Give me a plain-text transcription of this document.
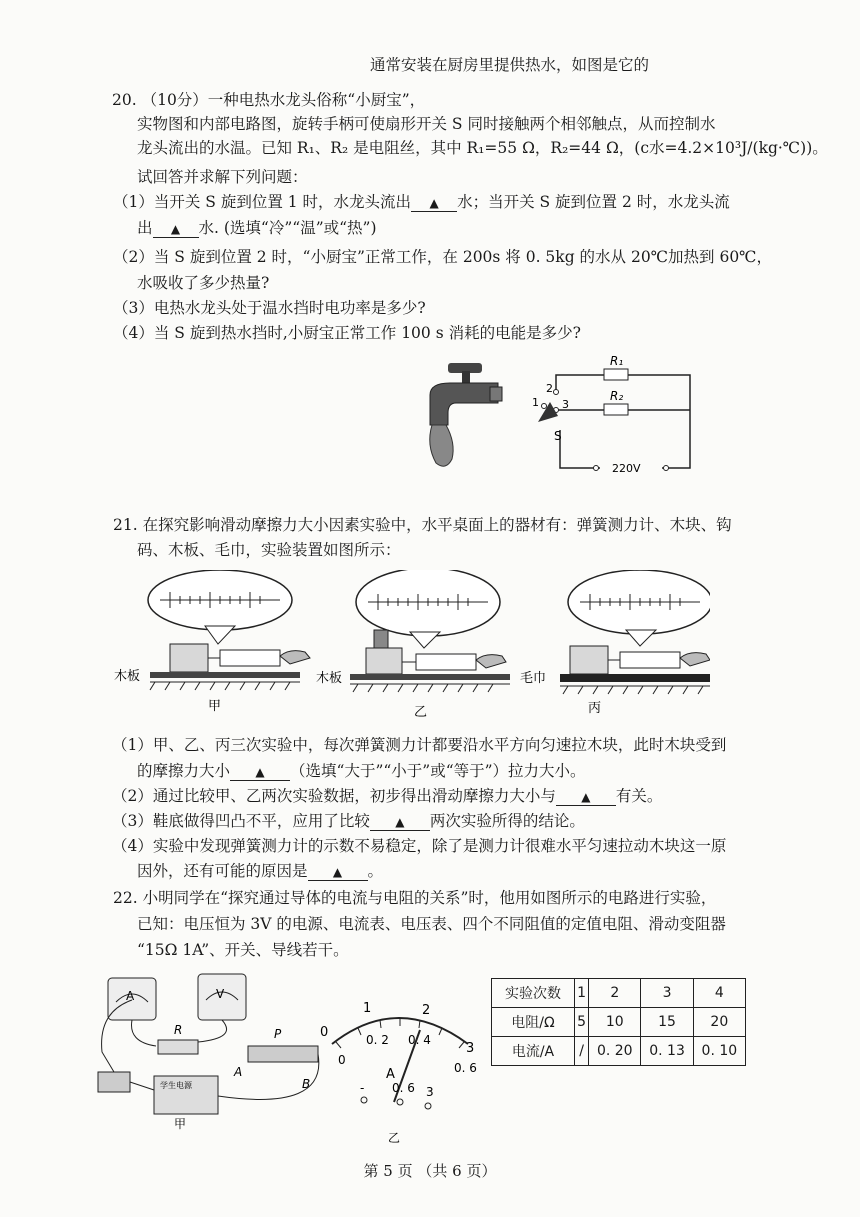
通常安装在厨房里提供热水，如图是它的
20. （10分）一种电热水龙头俗称“小厨宝”，
实物图和内部电路图，旋转手柄可使扇形开关 S 同时接触两个相邻触点，从而控制水
龙头流出的水温。已知 R₁、R₂ 是电阻丝，其中 R₁=55 Ω，R₂=44 Ω，(c水=4.2×10³J/(kg·℃))。
试回答并求解下列问题：
（1）当开关 S 旋到位置 1 时，水龙头流出 ▲ 水；当开关 S 旋到位置 2 时，水龙头流
出 ▲ 水. (选填“冷”“温”或“热”)
（2）当 S 旋到位置 2 时，“小厨宝”正常工作，在 200s 将 0. 5kg 的水从 20℃加热到 60℃，
水吸收了多少热量?
（3）电热水龙头处于温水挡时电功率是多少?
（4）当 S 旋到热水挡时,小厨宝正常工作 100 s 消耗的电能是多少?
R₁
R₂
2
1 3
S
220V
21. 在探究影响滑动摩擦力大小因素实验中，水平桌面上的器材有：弹簧测力计、木块、钩
码、木板、毛巾，实验装置如图所示：
木板
甲
木板
乙
毛巾
丙
（1）甲、乙、丙三次实验中，每次弹簧测力计都要沿水平方向匀速拉木块，此时木块受到
的摩擦力大小 ▲ （选填“大于”“小于”或“等于”）拉力大小。
（2）通过比较甲、乙两次实验数据，初步得出滑动摩擦力大小与 ▲ 有关。
（3）鞋底做得凹凸不平，应用了比较 ▲ 两次实验所得的结论。
（4）实验中发现弹簧测力计的示数不易稳定，除了是测力计很难水平匀速拉动木块这一原
因外，还有可能的原因是 ▲ 。
22. 小明同学在“探究通过导体的电流与电阻的关系”时，他用如图所示的电路进行实验，
已知：电压恒为 3V 的电源、电流表、电压表、四个不同阻值的定值电阻、滑动变阻器
“15Ω 1A”、开关、导线若干。
A	V
R	P
A
B
学生电源
甲
0
1	2
3
0
0. 2 0. 4
0. 6
A
- 0. 6 3
乙
实验次数	1	2	3	4
电阻/Ω	5	10	15	20
电流/A	/	0. 20	0. 13	0. 10
第 5 页 （共 6 页）
